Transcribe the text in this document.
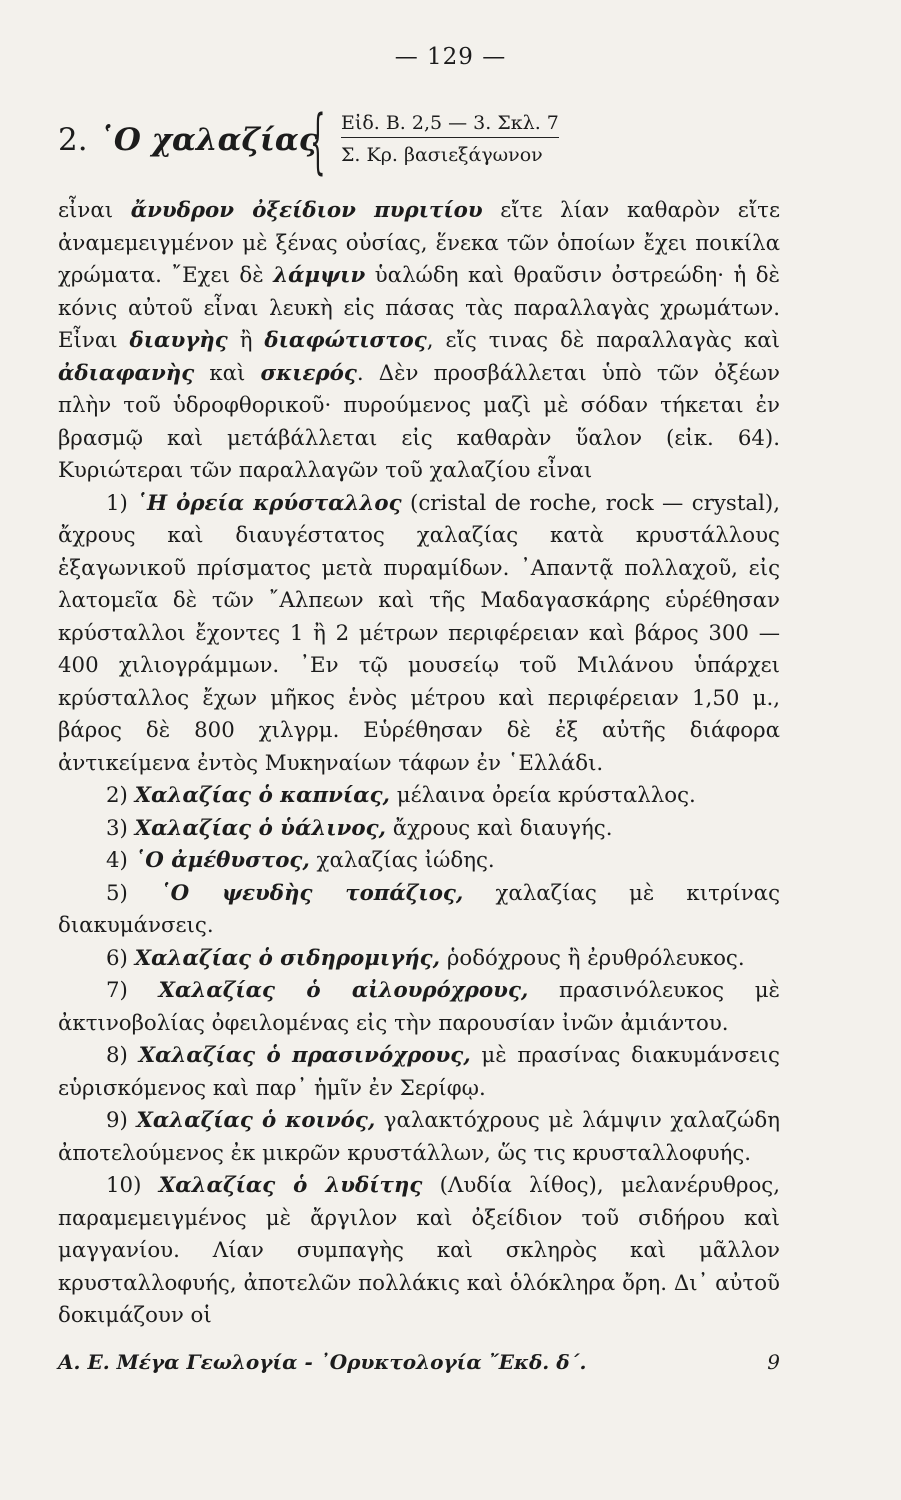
— 129 —
2. ῾Ο χαλαζίας
{ Εἰδ. Β. 2,5 — 3. Σκλ. 7
Σ. Κρ. βασιεξάγωνον

εἶναι ἄνυδρον ὀξείδιον πυριτίου εἴτε λίαν καθαρὸν εἴτε ἀναμεμειγμένον μὲ ξένας οὐσίας, ἕνεκα τῶν ὁποίων ἔχει ποικίλα χρώματα. ῎Εχει δὲ λάμψιν ὑαλώδη καὶ θραῦσιν ὀστρεώδη· ἡ δὲ κόνις αὐτοῦ εἶναι λευκὴ εἰς πάσας τὰς παραλλαγὰς χρωμάτων. Εἶναι διαυγὴς ἢ διαφώτιστος, εἴς τινας δὲ παραλλαγὰς καὶ ἀδιαφανὴς καὶ σκιερός. Δὲν προσβάλλεται ὑπὸ τῶν ὀξέων πλὴν τοῦ ὑδροφθορικοῦ· πυρούμενος μαζὶ μὲ σόδαν τήκεται ἐν βρασμῷ καὶ μετάβάλλεται εἰς καθαρὰν ὕαλον (εἰκ. 64). Κυριώτεραι τῶν παραλλαγῶν τοῦ χαλαζίου εἶναι

1) ῾Η ὀρεία κρύσταλλος (cristal de roche, rock — crystal), ἄχρους καὶ διαυγέστατος χαλαζίας κατὰ κρυστάλλους ἑξαγωνικοῦ πρίσματος μετὰ πυραμίδων. ᾿Απαντᾷ πολλαχοῦ, εἰς λατομεῖα δὲ τῶν ῎Αλπεων καὶ τῆς Μαδαγασκάρης εὑρέθησαν κρύσταλλοι ἔχοντες 1 ἢ 2 μέτρων περιφέρειαν καὶ βάρος 300 —400 χιλιογράμμων. ᾿Εν τῷ μουσείῳ τοῦ Μιλάνου ὑπάρχει κρύσταλλος ἔχων μῆκος ἑνὸς μέτρου καὶ περιφέρειαν 1,50 μ., βάρος δὲ 800 χιλγρμ. Εὑρέθησαν δὲ ἐξ αὐτῆς διάφορα ἀντικείμενα ἐντὸς Μυκηναίων τάφων ἐν ῾Ελλάδι.

2) Χαλαζίας ὁ καπνίας, μέλαινα ὀρεία κρύσταλλος.

3) Χαλαζίας ὁ ὑάλινος, ἄχρους καὶ διαυγής.

4) ῾Ο ἀμέθυστος, χαλαζίας ἰώδης.

5) ῾Ο ψευδὴς τοπάζιος, χαλαζίας μὲ κιτρίνας διακυμάνσεις.

6) Χαλαζίας ὁ σιδηρομιγής, ῥοδόχρους ἢ ἐρυθρόλευκος.

7) Χαλαζίας ὁ αἰλουρόχρους, πρασινόλευκος μὲ ἀκτινοβολίας ὀφειλομένας εἰς τὴν παρουσίαν ἰνῶν ἀμιάντου.

8) Χαλαζίας ὁ πρασινόχρους, μὲ πρασίνας διακυμάνσεις εὑρισκόμενος καὶ παρ᾿ ἡμῖν ἐν Σερίφῳ.

9) Χαλαζίας ὁ κοινός, γαλακτόχρους μὲ λάμψιν χαλαζώδη ἀποτελούμενος ἐκ μικρῶν κρυστάλλων, ὥς τις κρυσταλλοφυής.

10) Χαλαζίας ὁ λυδίτης (Λυδία λίθος), μελανέρυθρος, παραμεμειγμένος μὲ ἄργιλον καὶ ὀξείδιον τοῦ σιδήρου καὶ μαγγανίου. Λίαν συμπαγὴς καὶ σκληρὸς καὶ μᾶλλον κρυσταλλοφυής, ἀποτελῶν πολλάκις καὶ ὁλόκληρα ὄρη. Δι᾿ αὐτοῦ δοκιμάζουν οἱ

Α. Ε. Μέγα Γεωλογία - ᾿Ορυκτολογία ῎Εκδ. δ΄.	9
